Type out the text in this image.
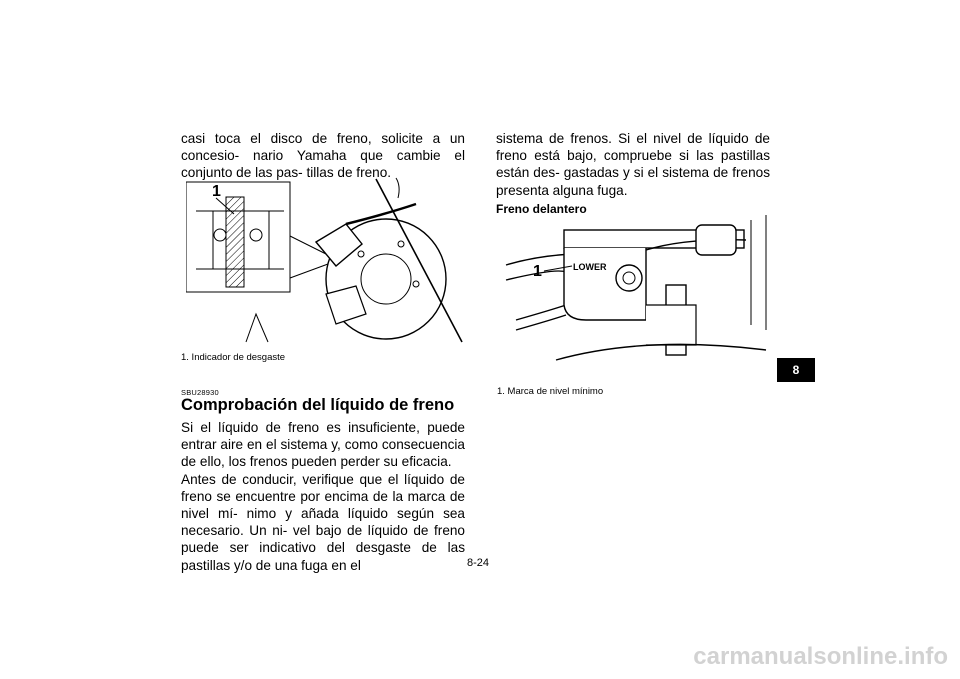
casi toca el disco de freno, solicite a un concesio- nario Yamaha que cambie el conjunto de las pas- tillas de freno.

1
1. Indicador de desgaste
SBU28930
Comprobación del líquido de freno

Si el líquido de freno es insuficiente, puede entrar aire en el sistema y, como consecuencia de ello, los frenos pueden perder su eficacia.

Antes de conducir, verifique que el líquido de freno se encuentre por encima de la marca de nivel mí- nimo y añada líquido según sea necesario. Un ni- vel bajo de líquido de freno puede ser indicativo del desgaste de las pastillas y/o de una fuga en el

sistema de frenos. Si el nivel de líquido de freno está bajo, compruebe si las pastillas están des- gastadas y si el sistema de frenos presenta alguna fuga.

Freno delantero
LOWER
1
1. Marca de nivel mínimo
8
8-24
carmanualsonline.info
